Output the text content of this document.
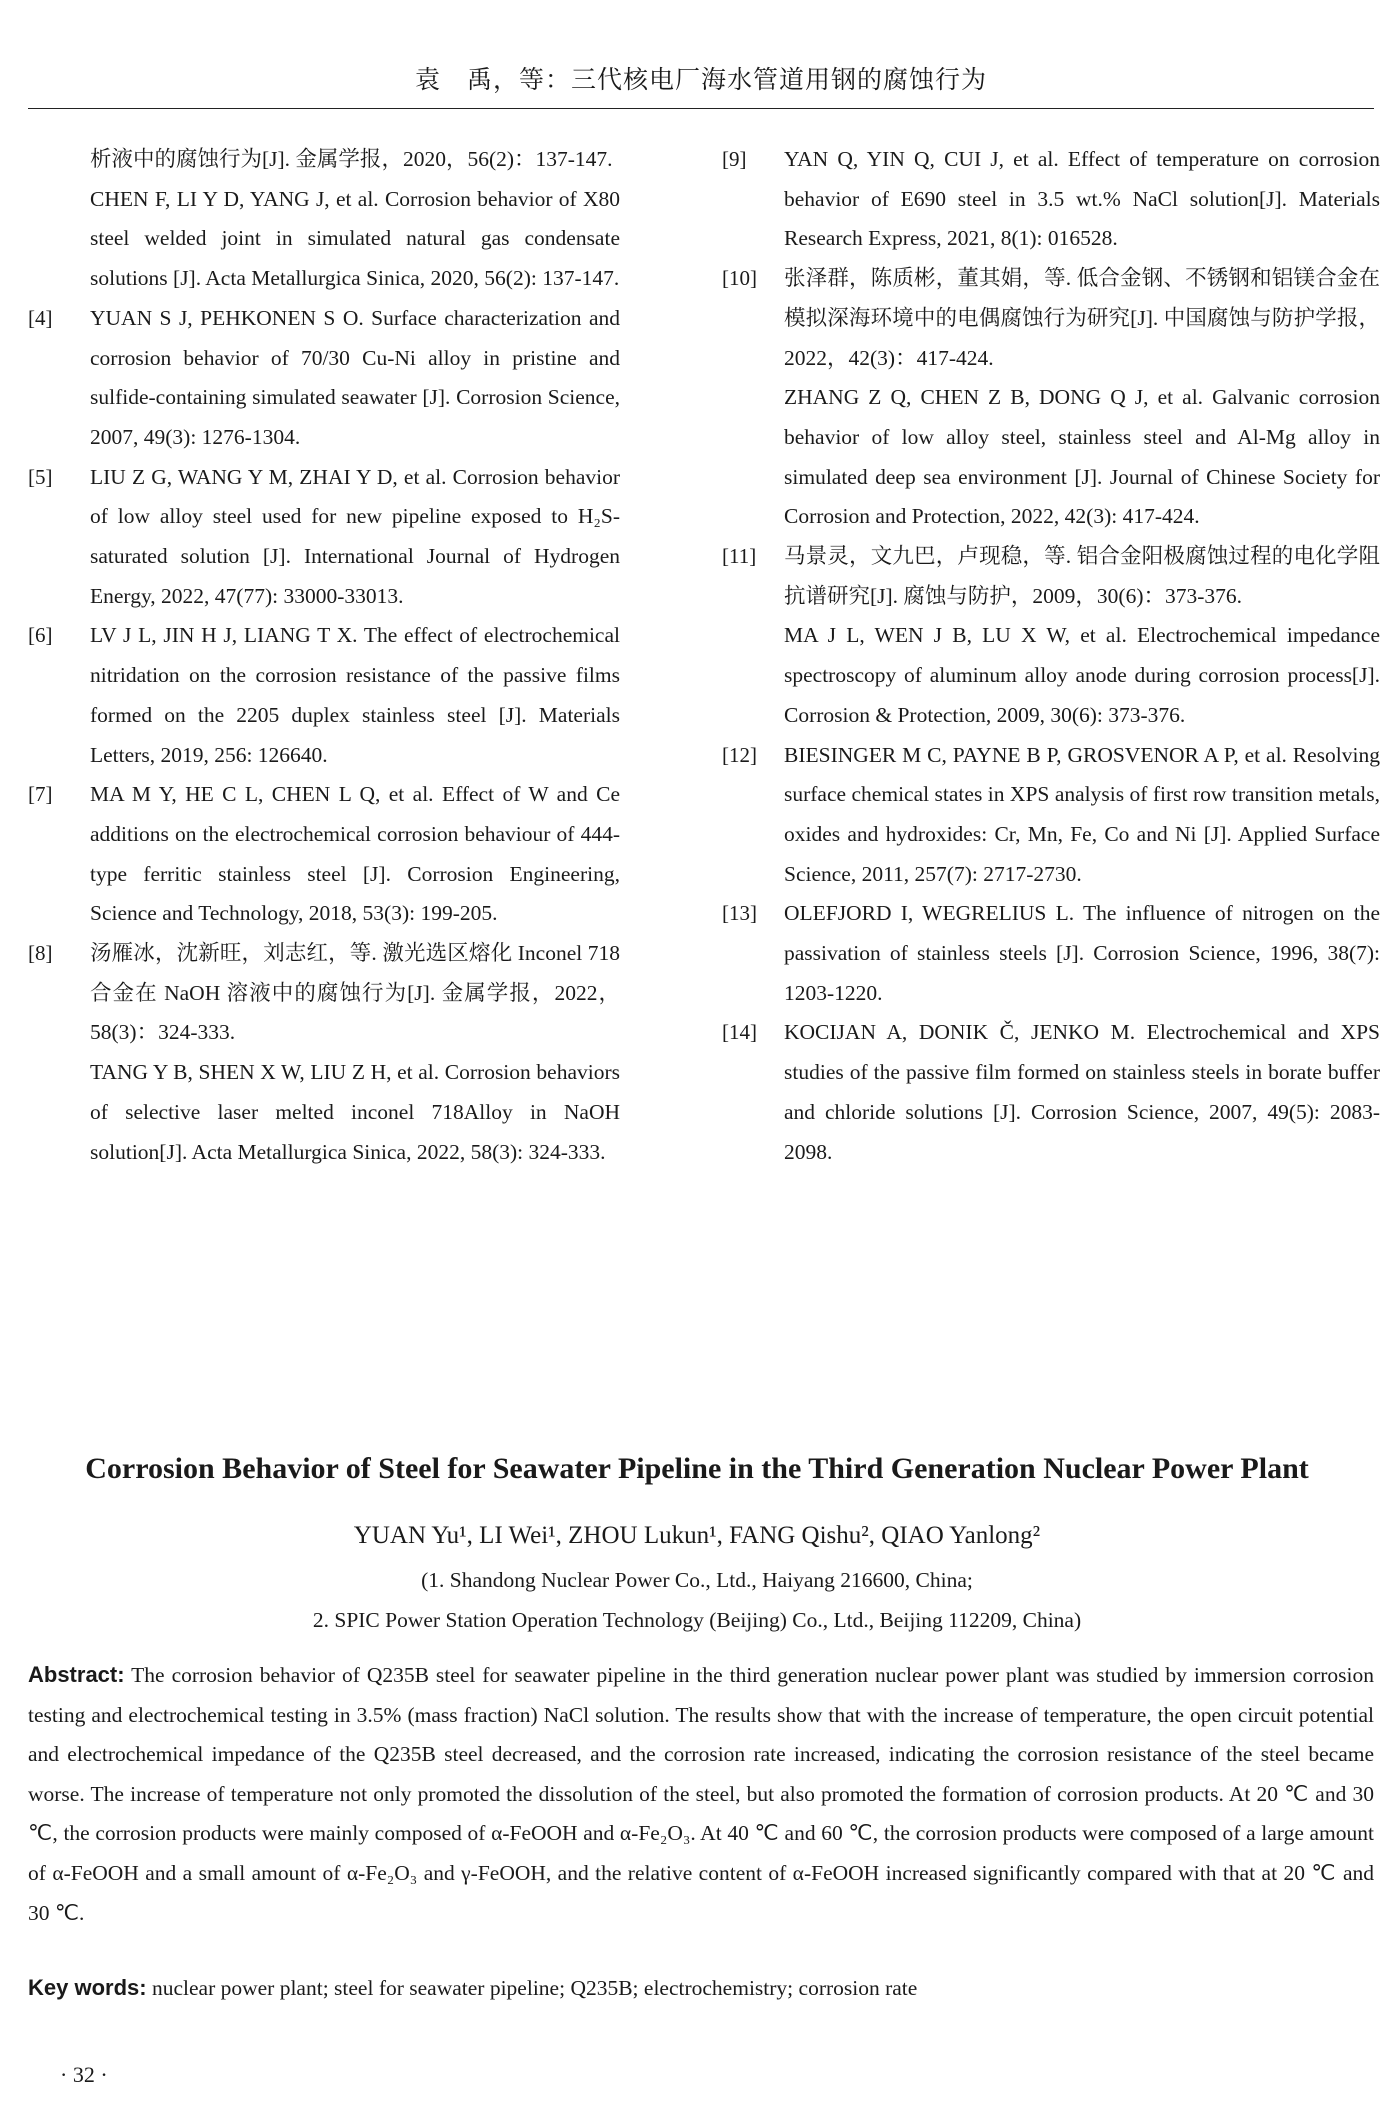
袁　禹，等：三代核电厂海水管道用钢的腐蚀行为
析液中的腐蚀行为[J]. 金属学报，2020，56(2)：137-147.
CHEN F, LI Y D, YANG J, et al. Corrosion behavior of X80 steel welded joint in simulated natural gas condensate solutions [J]. Acta Metallurgica Sinica, 2020, 56(2): 137-147.
[4] YUAN S J, PEHKONEN S O. Surface characterization and corrosion behavior of 70/30 Cu-Ni alloy in pristine and sulfide-containing simulated seawater [J]. Corrosion Science, 2007, 49(3): 1276-1304.
[5] LIU Z G, WANG Y M, ZHAI Y D, et al. Corrosion behavior of low alloy steel used for new pipeline exposed to H₂S-saturated solution [J]. International Journal of Hydrogen Energy, 2022, 47(77): 33000-33013.
[6] LV J L, JIN H J, LIANG T X. The effect of electrochemical nitridation on the corrosion resistance of the passive films formed on the 2205 duplex stainless steel [J]. Materials Letters, 2019, 256: 126640.
[7] MA M Y, HE C L, CHEN L Q, et al. Effect of W and Ce additions on the electrochemical corrosion behaviour of 444-type ferritic stainless steel [J]. Corrosion Engineering, Science and Technology, 2018, 53(3): 199-205.
[8] 汤雁冰，沈新旺，刘志红，等. 激光选区熔化 Inconel 718 合金在 NaOH 溶液中的腐蚀行为[J]. 金属学报，2022，58(3)：324-333.
TANG Y B, SHEN X W, LIU Z H, et al. Corrosion behaviors of selective laser melted inconel 718Alloy in NaOH solution[J]. Acta Metallurgica Sinica, 2022, 58(3): 324-333.
[9] YAN Q, YIN Q, CUI J, et al. Effect of temperature on corrosion behavior of E690 steel in 3.5 wt.% NaCl solution[J]. Materials Research Express, 2021, 8(1): 016528.
[10] 张泽群，陈质彬，董其娟，等. 低合金钢、不锈钢和铝镁合金在模拟深海环境中的电偶腐蚀行为研究[J]. 中国腐蚀与防护学报，2022，42(3)：417-424.
ZHANG Z Q, CHEN Z B, DONG Q J, et al. Galvanic corrosion behavior of low alloy steel, stainless steel and Al-Mg alloy in simulated deep sea environment [J]. Journal of Chinese Society for Corrosion and Protection, 2022, 42(3): 417-424.
[11] 马景灵，文九巴，卢现稳，等. 铝合金阳极腐蚀过程的电化学阻抗谱研究[J]. 腐蚀与防护，2009，30(6)：373-376.
MA J L, WEN J B, LU X W, et al. Electrochemical impedance spectroscopy of aluminum alloy anode during corrosion process[J]. Corrosion & Protection, 2009, 30(6): 373-376.
[12] BIESINGER M C, PAYNE B P, GROSVENOR A P, et al. Resolving surface chemical states in XPS analysis of first row transition metals, oxides and hydroxides: Cr, Mn, Fe, Co and Ni [J]. Applied Surface Science, 2011, 257(7): 2717-2730.
[13] OLEFJORD I, WEGRELIUS L. The influence of nitrogen on the passivation of stainless steels [J]. Corrosion Science, 1996, 38(7): 1203-1220.
[14] KOCIJAN A, DONIK Č, JENKO M. Electrochemical and XPS studies of the passive film formed on stainless steels in borate buffer and chloride solutions [J]. Corrosion Science, 2007, 49(5): 2083-2098.
Corrosion Behavior of Steel for Seawater Pipeline in the Third Generation Nuclear Power Plant
YUAN Yu¹, LI Wei¹, ZHOU Lukun¹, FANG Qishu², QIAO Yanlong²
(1. Shandong Nuclear Power Co., Ltd., Haiyang 216600, China;
2. SPIC Power Station Operation Technology (Beijing) Co., Ltd., Beijing 112209, China)
Abstract: The corrosion behavior of Q235B steel for seawater pipeline in the third generation nuclear power plant was studied by immersion corrosion testing and electrochemical testing in 3.5% (mass fraction) NaCl solution. The results show that with the increase of temperature, the open circuit potential and electrochemical impedance of the Q235B steel decreased, and the corrosion rate increased, indicating the corrosion resistance of the steel became worse. The increase of temperature not only promoted the dissolution of the steel, but also promoted the formation of corrosion products. At 20 ℃ and 30 ℃, the corrosion products were mainly composed of α-FeOOH and α-Fe₂O₃. At 40 ℃ and 60 ℃, the corrosion products were composed of a large amount of α-FeOOH and a small amount of α-Fe₂O₃ and γ-FeOOH, and the relative content of α-FeOOH increased significantly compared with that at 20 ℃ and 30 ℃.
Key words: nuclear power plant; steel for seawater pipeline; Q235B; electrochemistry; corrosion rate
· 32 ·
